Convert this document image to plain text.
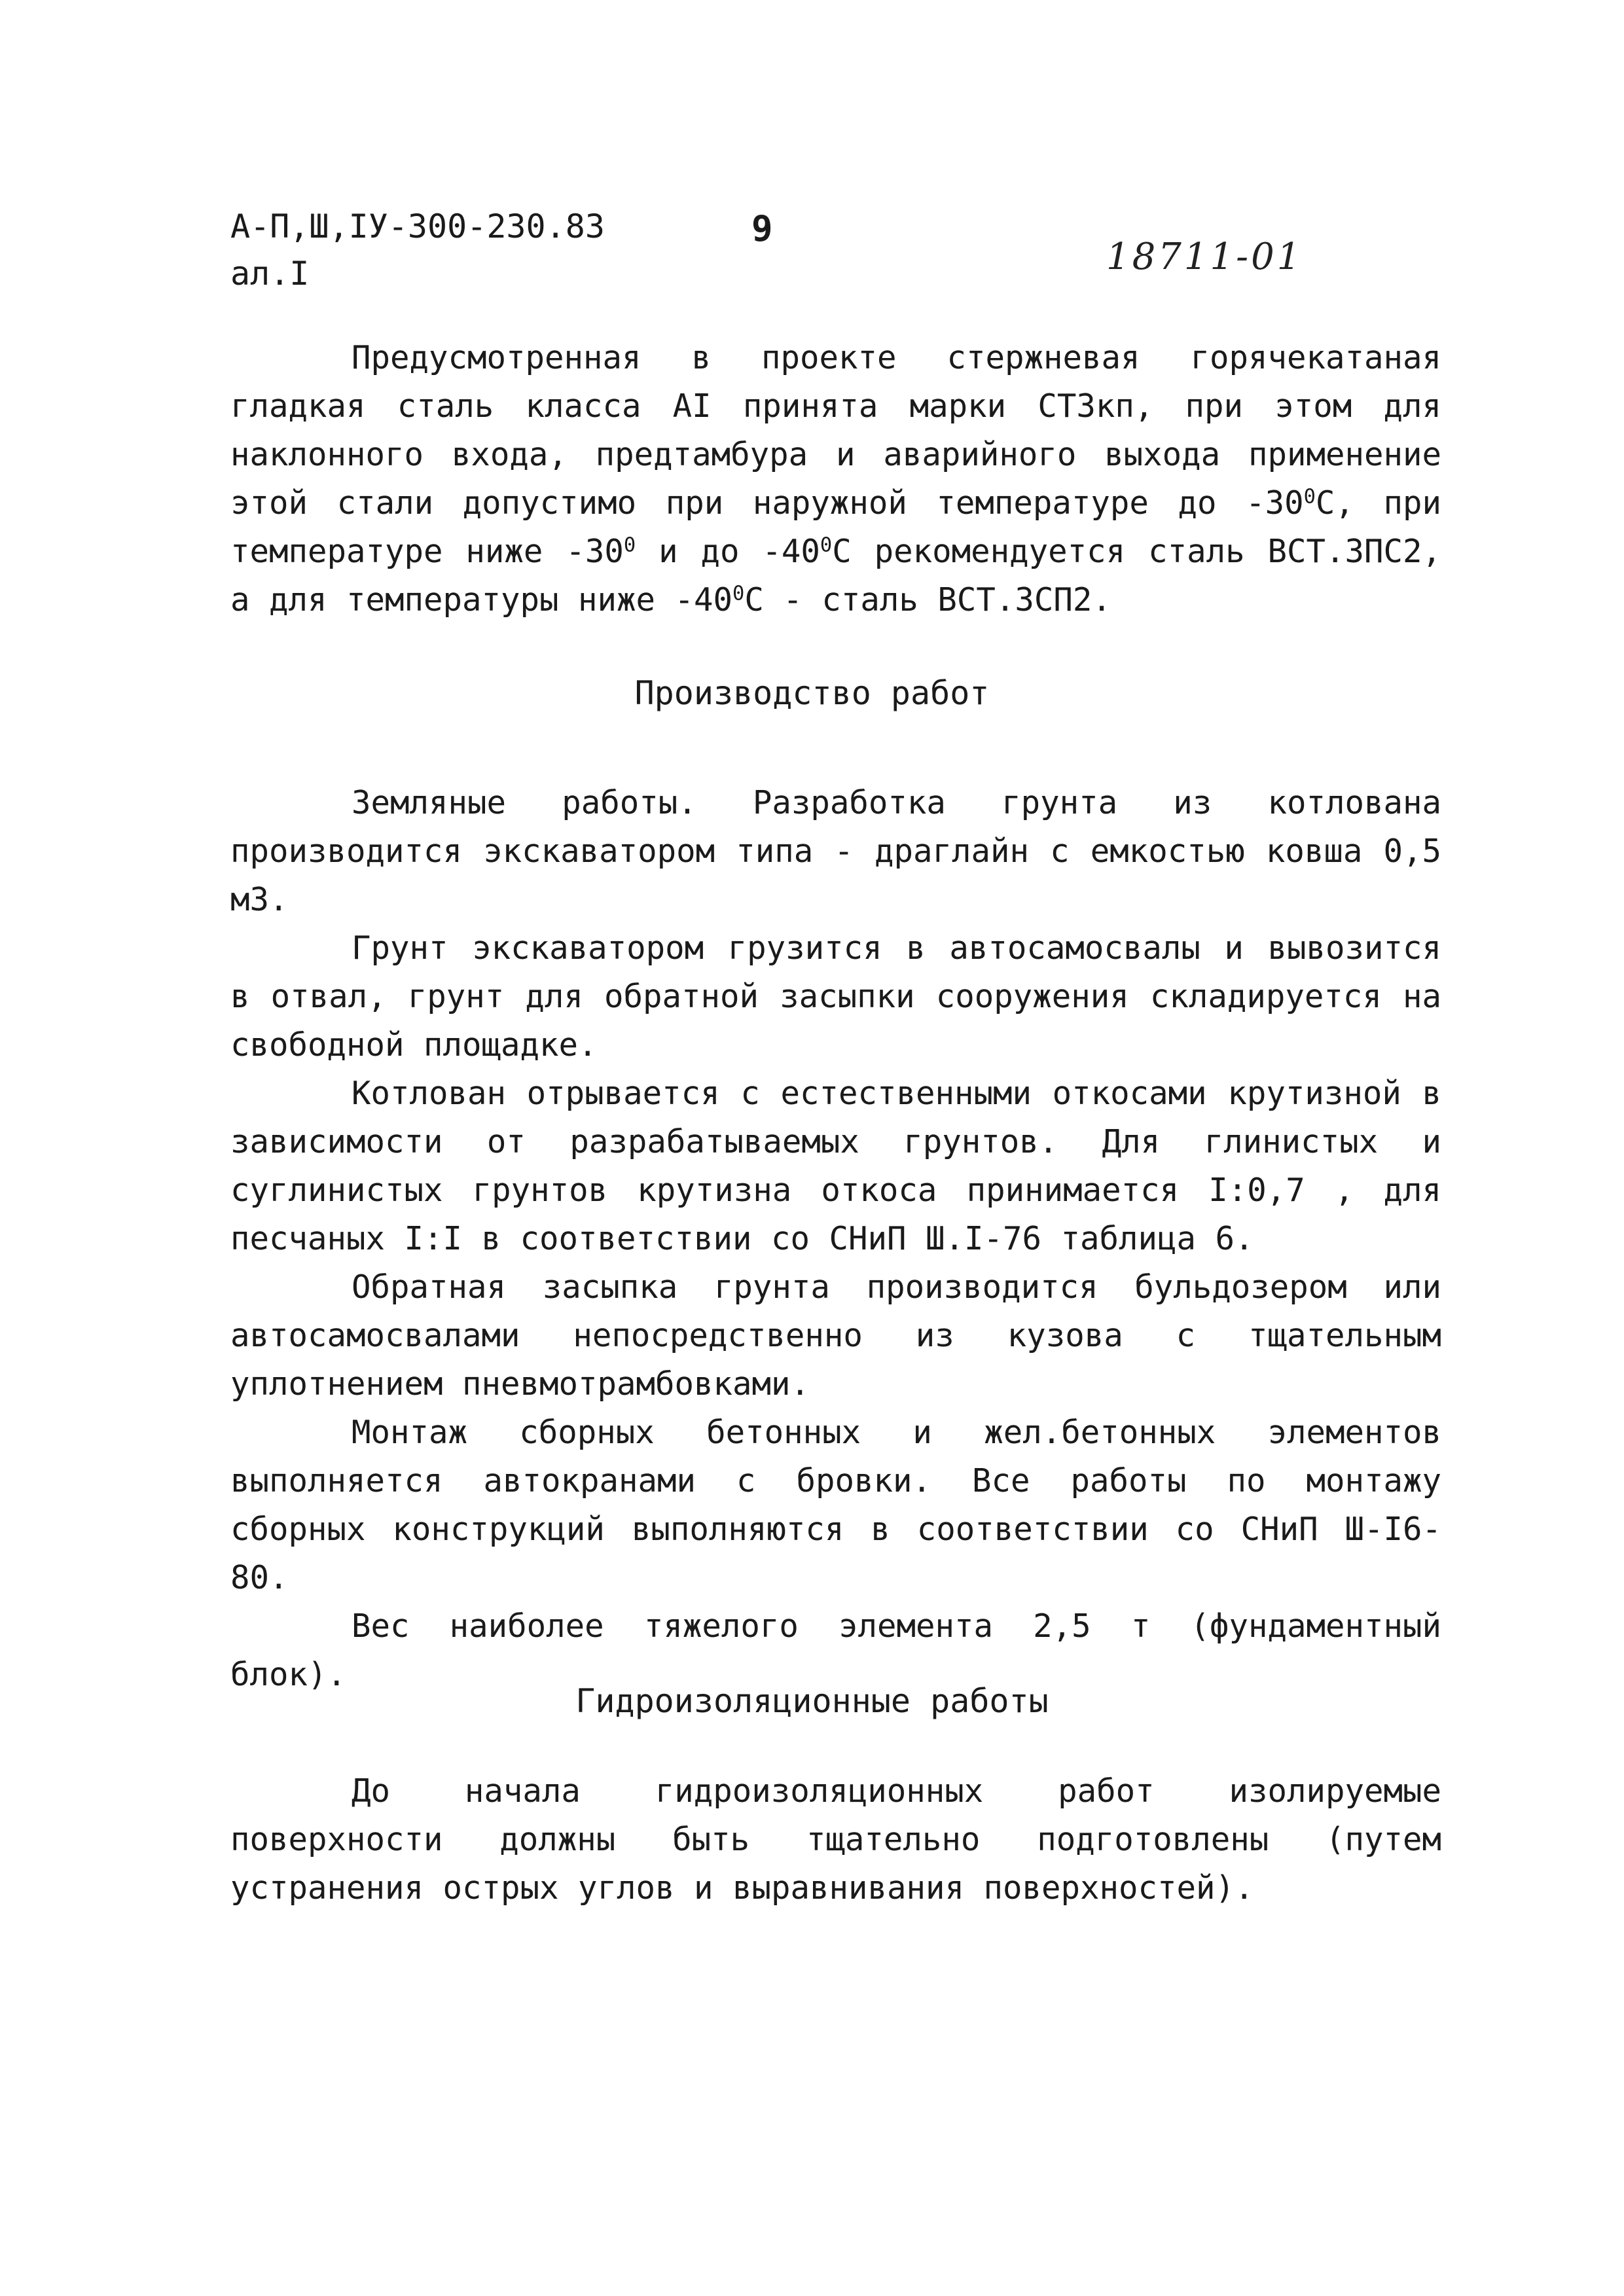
А-П,Ш,IУ-300-230.83
ал.I
9
18711-01

Предусмотренная в проекте стержневая горячекатаная гладкая сталь класса АI принята марки СТ3кп, при этом для наклонного входа, предтамбура и аварийного выхода применение этой стали допустимо при наружной температуре до $-30^0С$, при температуре ниже $-30^0$ и до $-40^0С$ рекомендуется сталь ВСТ.3ПС2, а для температуры ниже $-40^0С$ - сталь ВСТ.3СП2.

Производство работ

Земляные работы. Разработка грунта из котлована производится экскаватором типа - драглайн с емкостью ковша 0,5 м3.

Грунт экскаватором грузится в автосамосвалы и вывозится в отвал, грунт для обратной засыпки сооружения складируется на свободной площадке.

Котлован отрывается с естественными откосами крутизной в зависимости от разрабатываемых грунтов. Для глинистых и суглинистых грунтов крутизна откоса принимается I:0,7 , для песчаных I:I в соответствии со СНиП Ш.I-76 таблица 6.

Обратная засыпка грунта производится бульдозером или автосамосвалами непосредственно из кузова с тщательным уплотнением пневмотрамбовками.

Монтаж сборных бетонных и жел.бетонных элементов выполняется автокранами с бровки. Все работы по монтажу сборных конструкций выполняются в соответствии со СНиП Ш-I6-80.

Вес наиболее тяжелого элемента 2,5 т (фундаментный блок).

Гидроизоляционные работы

До начала гидроизоляционных работ изолируемые поверхности должны быть тщательно подготовлены (путем устранения острых углов и выравнивания поверхностей).
